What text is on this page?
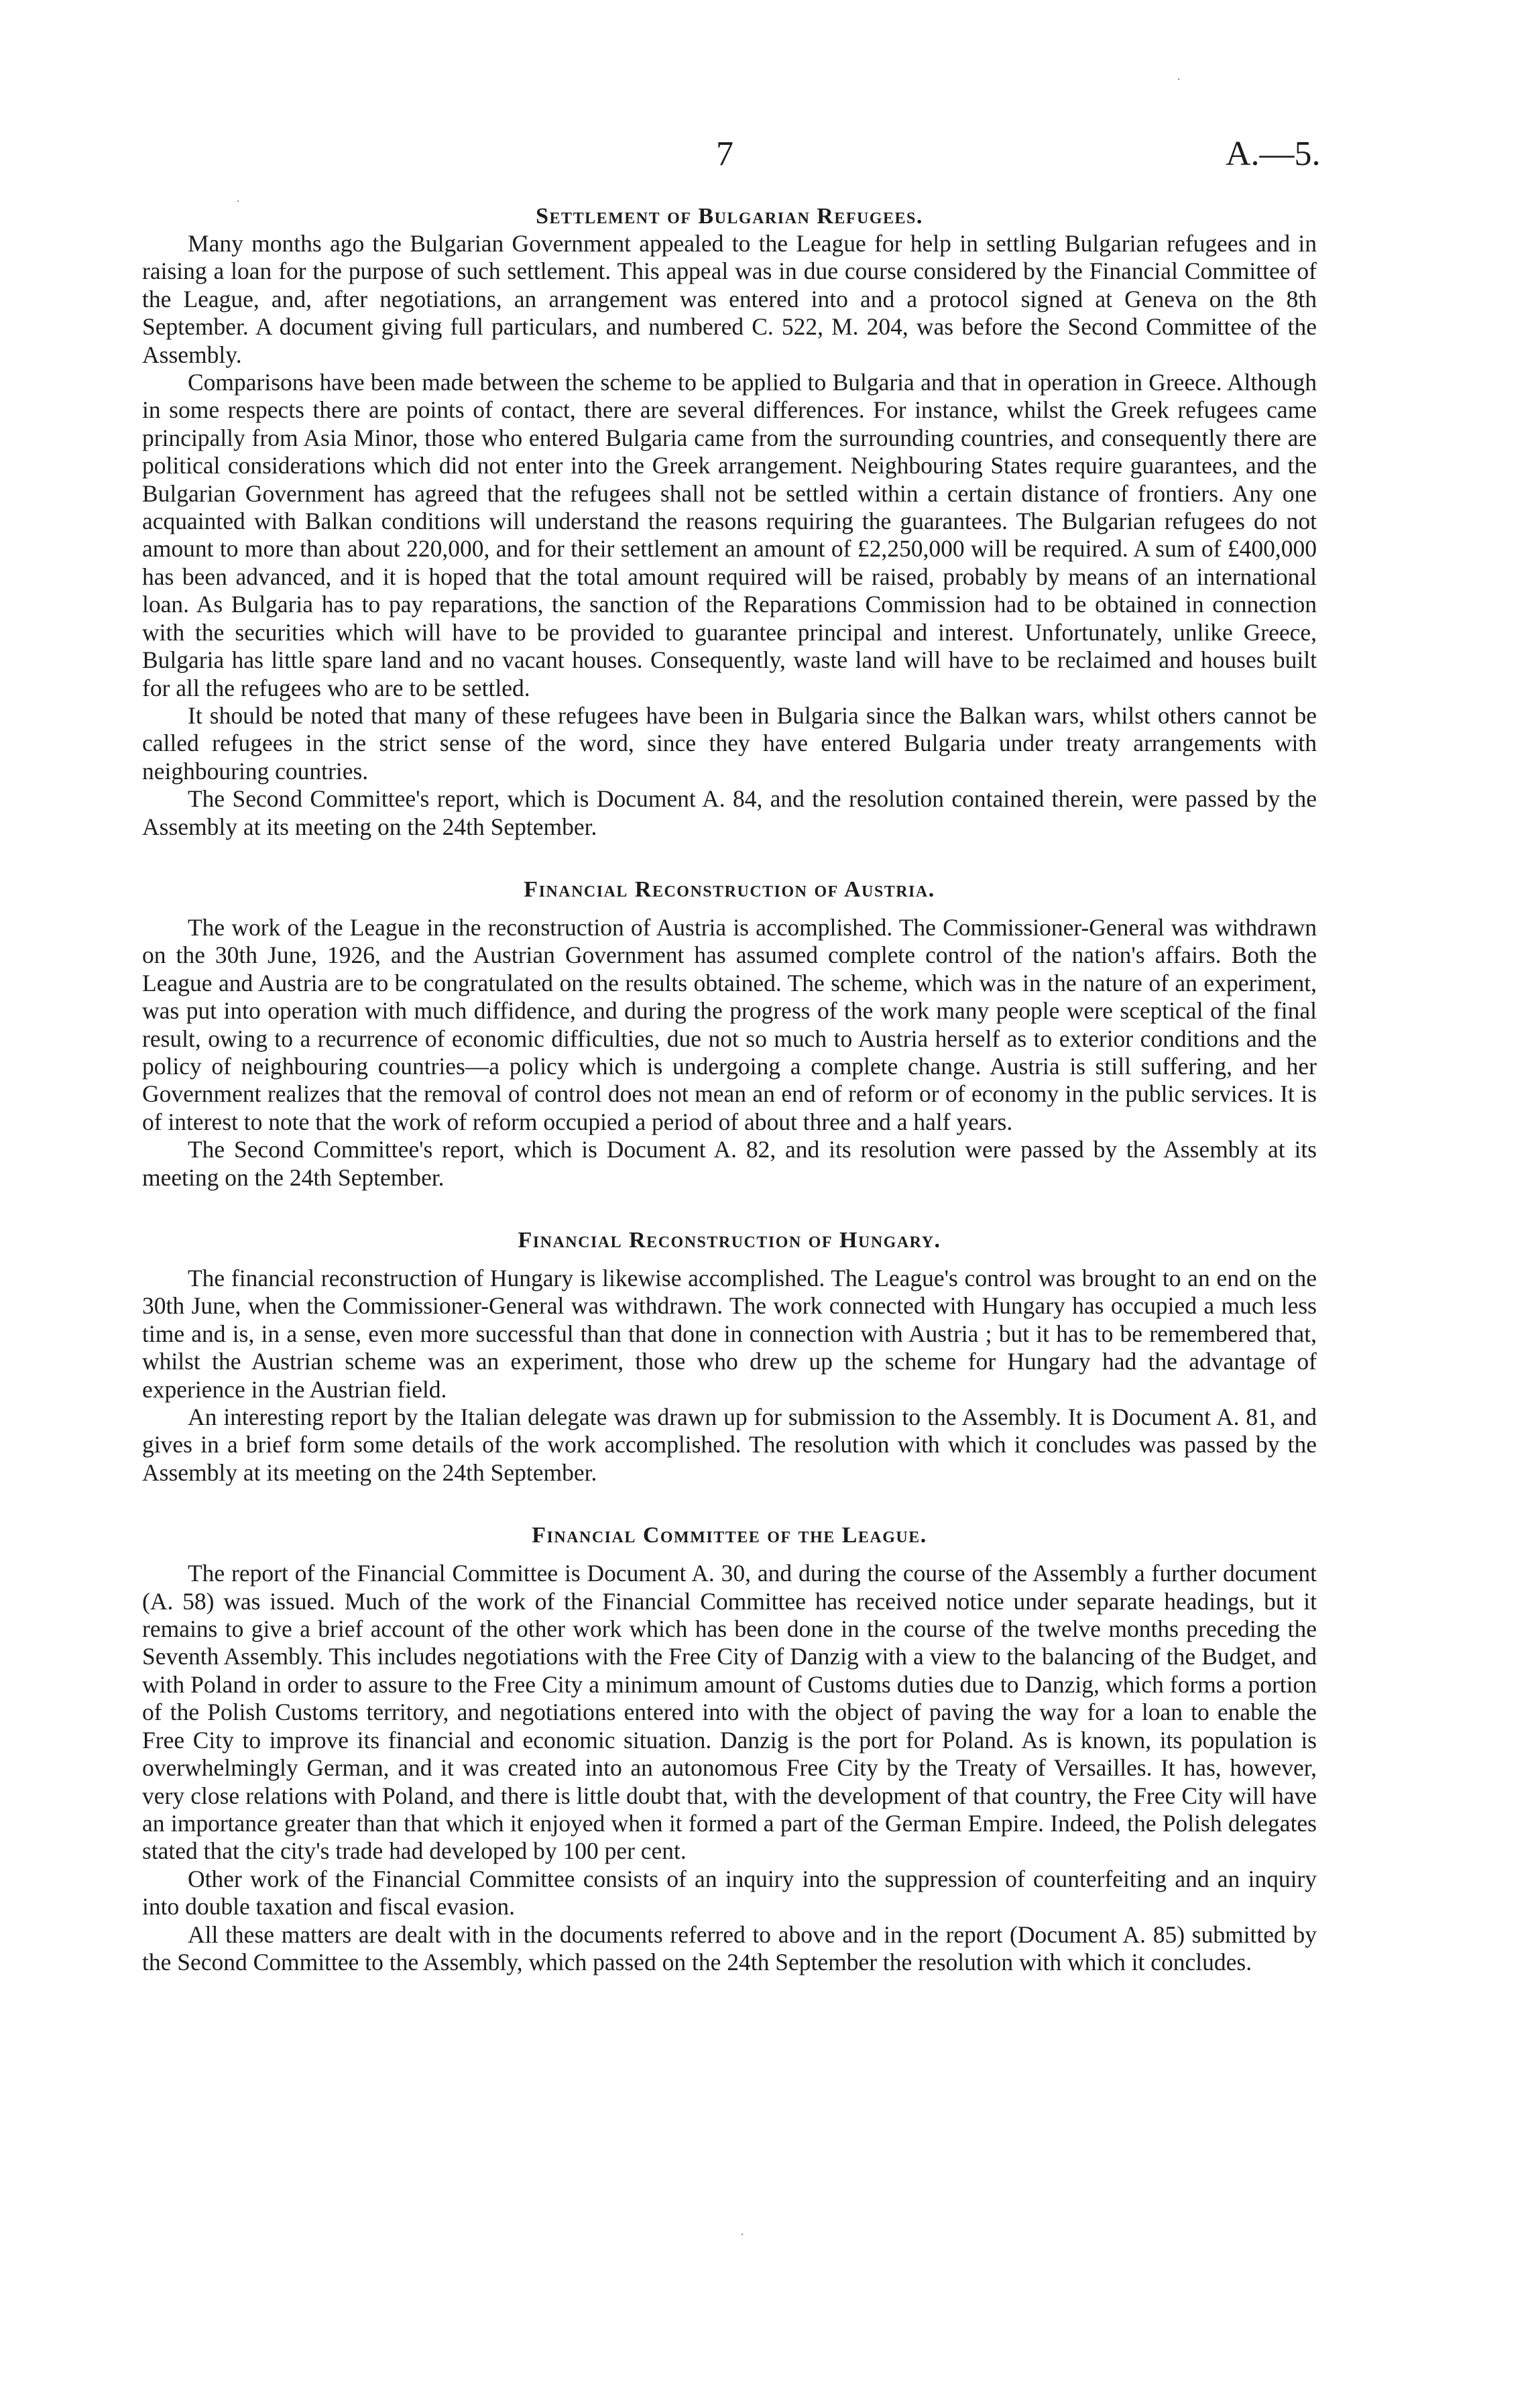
7	A.—5.
·
·
·
Settlement of Bulgarian Refugees.

Many months ago the Bulgarian Government appealed to the League for help in settling Bulgarian refugees and in raising a loan for the purpose of such settlement. This appeal was in due course considered by the Financial Committee of the League, and, after negotiations, an arrangement was entered into and a protocol signed at Geneva on the 8th September. A document giving full particulars, and numbered C. 522, M. 204, was before the Second Committee of the Assembly.

Comparisons have been made between the scheme to be applied to Bulgaria and that in operation in Greece. Although in some respects there are points of contact, there are several differences. For instance, whilst the Greek refugees came principally from Asia Minor, those who entered Bulgaria came from the surrounding countries, and consequently there are political considerations which did not enter into the Greek arrangement. Neighbouring States require guarantees, and the Bulgarian Government has agreed that the refugees shall not be settled within a certain distance of frontiers. Any one acquainted with Balkan conditions will understand the reasons requiring the guarantees. The Bulgarian refugees do not amount to more than about 220,000, and for their settlement an amount of £2,250,000 will be required. A sum of £400,000 has been advanced, and it is hoped that the total amount required will be raised, probably by means of an international loan. As Bulgaria has to pay reparations, the sanction of the Reparations Commission had to be obtained in connection with the securities which will have to be provided to guarantee principal and interest. Unfortunately, unlike Greece, Bulgaria has little spare land and no vacant houses. Consequently, waste land will have to be reclaimed and houses built for all the refugees who are to be settled.

It should be noted that many of these refugees have been in Bulgaria since the Balkan wars, whilst others cannot be called refugees in the strict sense of the word, since they have entered Bulgaria under treaty arrangements with neighbouring countries.

The Second Committee's report, which is Document A. 84, and the resolution contained therein, were passed by the Assembly at its meeting on the 24th September.

Financial Reconstruction of Austria.

The work of the League in the reconstruction of Austria is accomplished. The Commissioner-General was withdrawn on the 30th June, 1926, and the Austrian Government has assumed complete control of the nation's affairs. Both the League and Austria are to be congratulated on the results obtained. The scheme, which was in the nature of an experiment, was put into operation with much diffidence, and during the progress of the work many people were sceptical of the final result, owing to a recurrence of economic difficulties, due not so much to Austria herself as to exterior conditions and the policy of neighbouring countries—a policy which is undergoing a complete change. Austria is still suffering, and her Government realizes that the removal of control does not mean an end of reform or of economy in the public services. It is of interest to note that the work of reform occupied a period of about three and a half years.

The Second Committee's report, which is Document A. 82, and its resolution were passed by the Assembly at its meeting on the 24th September.

Financial Reconstruction of Hungary.

The financial reconstruction of Hungary is likewise accomplished. The League's control was brought to an end on the 30th June, when the Commissioner-General was withdrawn. The work connected with Hungary has occupied a much less time and is, in a sense, even more successful than that done in connection with Austria ; but it has to be remembered that, whilst the Austrian scheme was an experiment, those who drew up the scheme for Hungary had the advantage of experience in the Austrian field.

An interesting report by the Italian delegate was drawn up for submission to the Assembly. It is Document A. 81, and gives in a brief form some details of the work accomplished. The resolution with which it concludes was passed by the Assembly at its meeting on the 24th September.

Financial Committee of the League.

The report of the Financial Committee is Document A. 30, and during the course of the Assembly a further document (A. 58) was issued. Much of the work of the Financial Committee has received notice under separate headings, but it remains to give a brief account of the other work which has been done in the course of the twelve months preceding the Seventh Assembly. This includes negotiations with the Free City of Danzig with a view to the balancing of the Budget, and with Poland in order to assure to the Free City a minimum amount of Customs duties due to Danzig, which forms a portion of the Polish Customs territory, and negotiations entered into with the object of paving the way for a loan to enable the Free City to improve its financial and economic situation. Danzig is the port for Poland. As is known, its population is overwhelmingly German, and it was created into an autonomous Free City by the Treaty of Versailles. It has, however, very close relations with Poland, and there is little doubt that, with the development of that country, the Free City will have an importance greater than that which it enjoyed when it formed a part of the German Empire. Indeed, the Polish delegates stated that the city's trade had developed by 100 per cent.

Other work of the Financial Committee consists of an inquiry into the suppression of counterfeiting and an inquiry into double taxation and fiscal evasion.

All these matters are dealt with in the documents referred to above and in the report (Document A. 85) submitted by the Second Committee to the Assembly, which passed on the 24th September the resolution with which it concludes.
